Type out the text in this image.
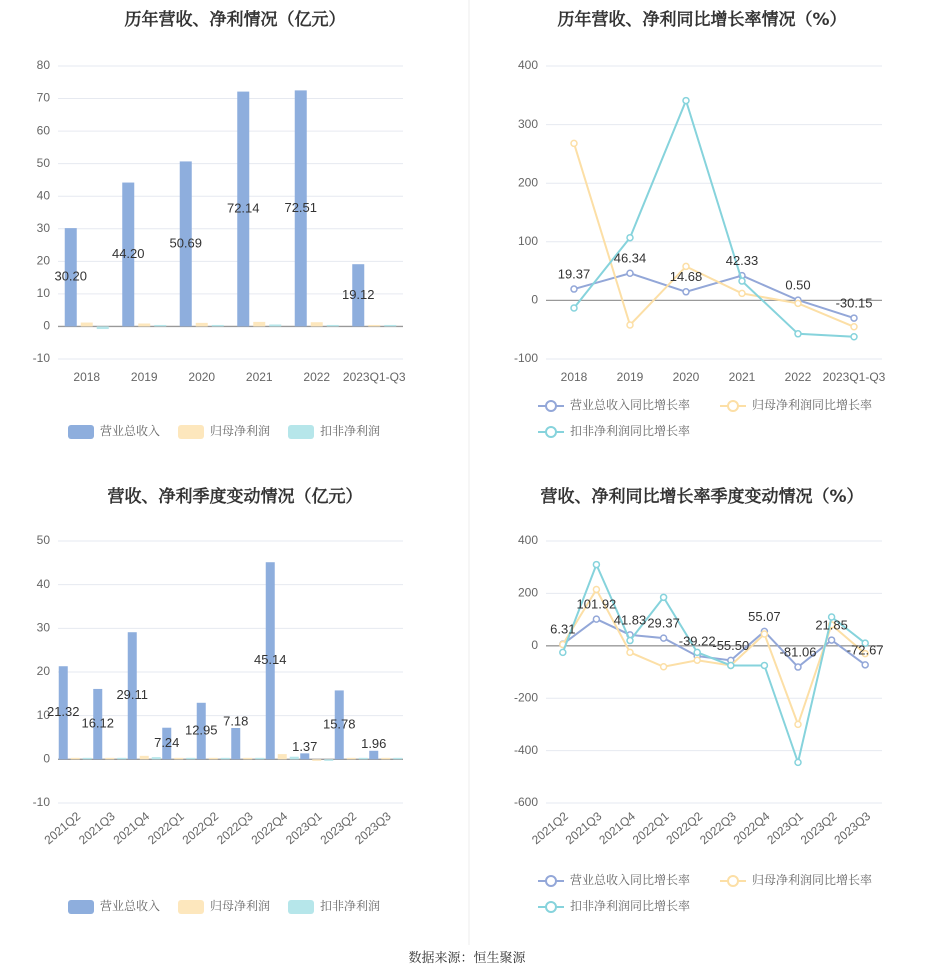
数据来源：恒生聚源
历年营收、净利情况（亿元）
-10
0
10
20
30
40
50
60
70
80
2018	2019	2020	2021	2022 2023Q1-Q3
30.20
44.20
50.69
72.14 72.51
19.12
营业总收入	归母净利润	扣非净利润
历年营收、净利同比增长率情况（%）
-100
0
100
200
300
400
2018 2019 2020 2021 2022 2023Q1-Q3
19.37
46.34
14.68
42.33
0.50
-30.15
营业总收入同比增长率	归母净利润同比增长率
扣非净利润同比增长率
营收、净利季度变动情况（亿元）
-10
0
10
20
30
40
50
2021Q2
2021Q3
2021Q4
2022Q1
2022Q2
2022Q3
2022Q4
2023Q1
2023Q2
2023Q3
21.32
16.12
29.11
7.24
12.95
7.18
45.14
1.37
15.78
1.96
营业总收入	归母净利润	扣非净利润
营收、净利同比增长率季度变动情况（%）
-600
-400
-200
0
200
400
2021Q2
2021Q3
2021Q4
2022Q1
2022Q2
2022Q3
2022Q4
2023Q1
2023Q2
2023Q3
6.31
101.92
41.83 29.37
-39.22
-55.50
55.07
-81.06
21.85
-72.67
营业总收入同比增长率	归母净利润同比增长率
扣非净利润同比增长率
